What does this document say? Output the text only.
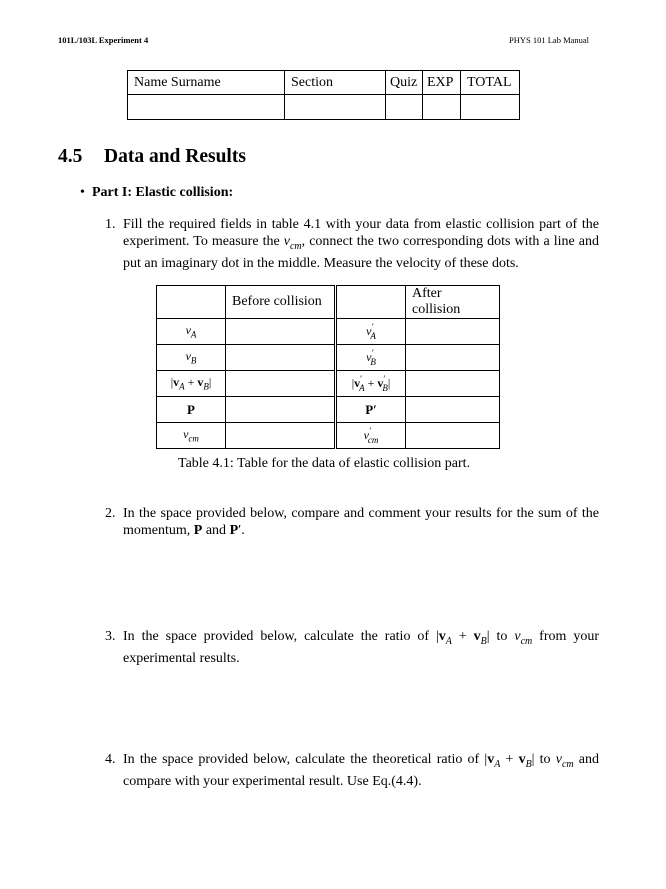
101L/103L Experiment 4	PHYS 101 Lab Manual
Name Surname	Section	Quiz	EXP	TOTAL

4.5 Data and Results
• Part I: Elastic collision:
1. Fill the required fields in table 4.1 with your data from elastic collision part of the experiment. To measure the $v_{cm}$, connect the two corresponding dots with a line and put an imaginary dot in the middle. Measure the velocity of these dots.
	Before collision		After collision
$v_A$		$v'_A$	
$v_B$		$v'_B$	
$|v_A + v_B|$		$|v'_A + v'_B|$	
P		P′	
$v_{cm}$		$v'_{cm}$	
Table 4.1: Table for the data of elastic collision part.
2. In the space provided below, compare and comment your results for the sum of the momentum, P and P′.
3. In the space provided below, calculate the ratio of $|v_A + v_B|$ to $v_{cm}$ from your experimental results.
4. In the space provided below, calculate the theoretical ratio of $|v_A + v_B|$ to $v_{cm}$ and compare with your experimental result. Use Eq.(4.4).
